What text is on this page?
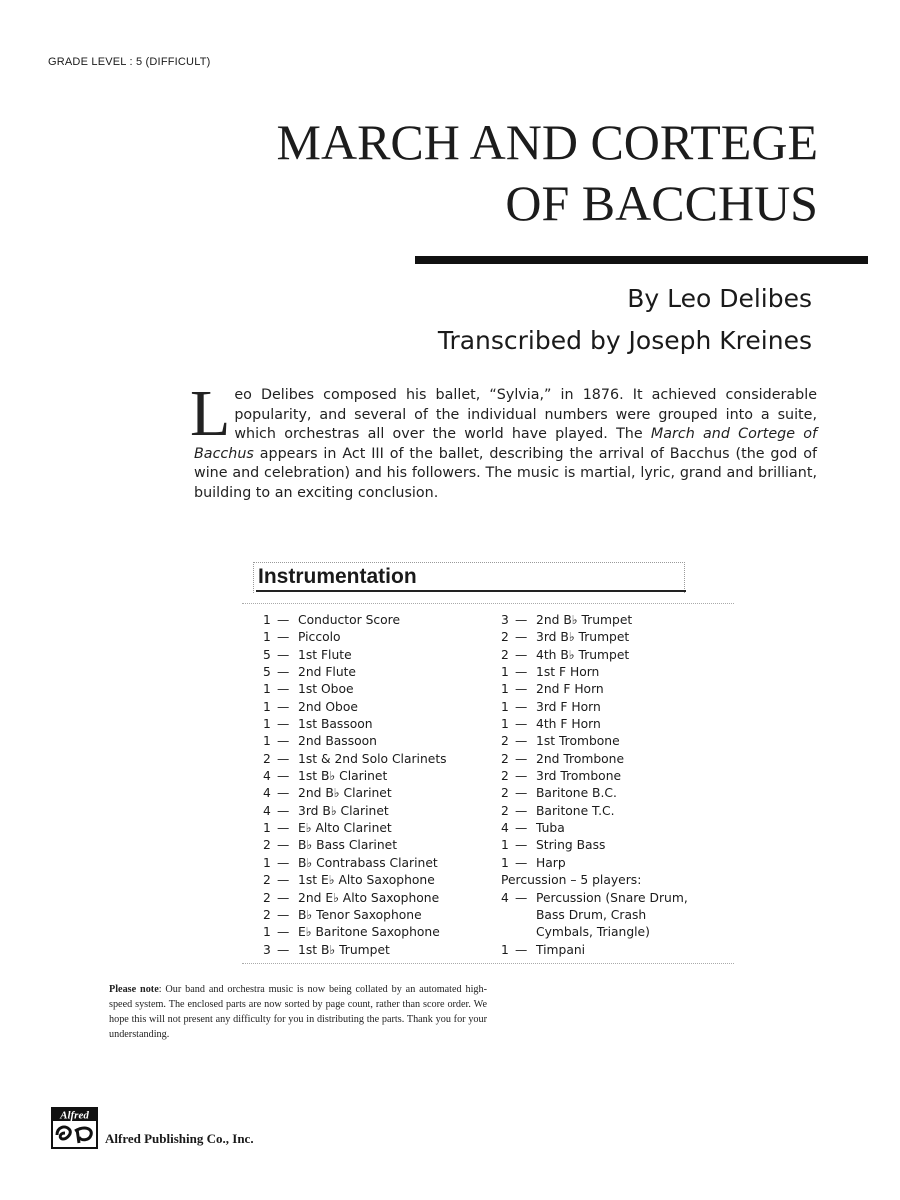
GRADE LEVEL : 5 (DIFFICULT)
MARCH AND CORTEGE
OF BACCHUS
By Leo Delibes
Transcribed by Joseph Kreines
Leo Delibes composed his ballet, “Sylvia,” in 1876. It achieved considerable popularity, and several of the individual numbers were grouped into a suite, which orchestras all over the world have played. The March and Cortege of Bacchus appears in Act III of the ballet, describing the arrival of Bacchus (the god of wine and celebration) and his followers. The music is martial, lyric, grand and brilliant, building to an exciting conclusion.
Instrumentation
1 — Conductor Score
1 — Piccolo
5 — 1st Flute
5 — 2nd Flute
1 — 1st Oboe
1 — 2nd Oboe
1 — 1st Bassoon
1 — 2nd Bassoon
2 — 1st & 2nd Solo Clarinets
4 — 1st B♭ Clarinet
4 — 2nd B♭ Clarinet
4 — 3rd B♭ Clarinet
1 — E♭ Alto Clarinet
2 — B♭ Bass Clarinet
1 — B♭ Contrabass Clarinet
2 — 1st E♭ Alto Saxophone
2 — 2nd E♭ Alto Saxophone
2 — B♭ Tenor Saxophone
1 — E♭ Baritone Saxophone
3 — 1st B♭ Trumpet
3 — 2nd B♭ Trumpet
2 — 3rd B♭ Trumpet
2 — 4th B♭ Trumpet
1 — 1st F Horn
1 — 2nd F Horn
1 — 3rd F Horn
1 — 4th F Horn
2 — 1st Trombone
2 — 2nd Trombone
2 — 3rd Trombone
2 — Baritone B.C.
2 — Baritone T.C.
4 — Tuba
1 — String Bass
1 — Harp
Percussion – 5 players:
4 — Percussion (Snare Drum,
Bass Drum, Crash
Cymbals, Triangle)
1 — Timpani
Please note: Our band and orchestra music is now being collated by an automated high-speed system. The enclosed parts are now sorted by page count, rather than score order. We hope this will not present any difficulty for you in distributing the parts. Thank you for your understanding.
Alfred
Alfred Publishing Co., Inc.
